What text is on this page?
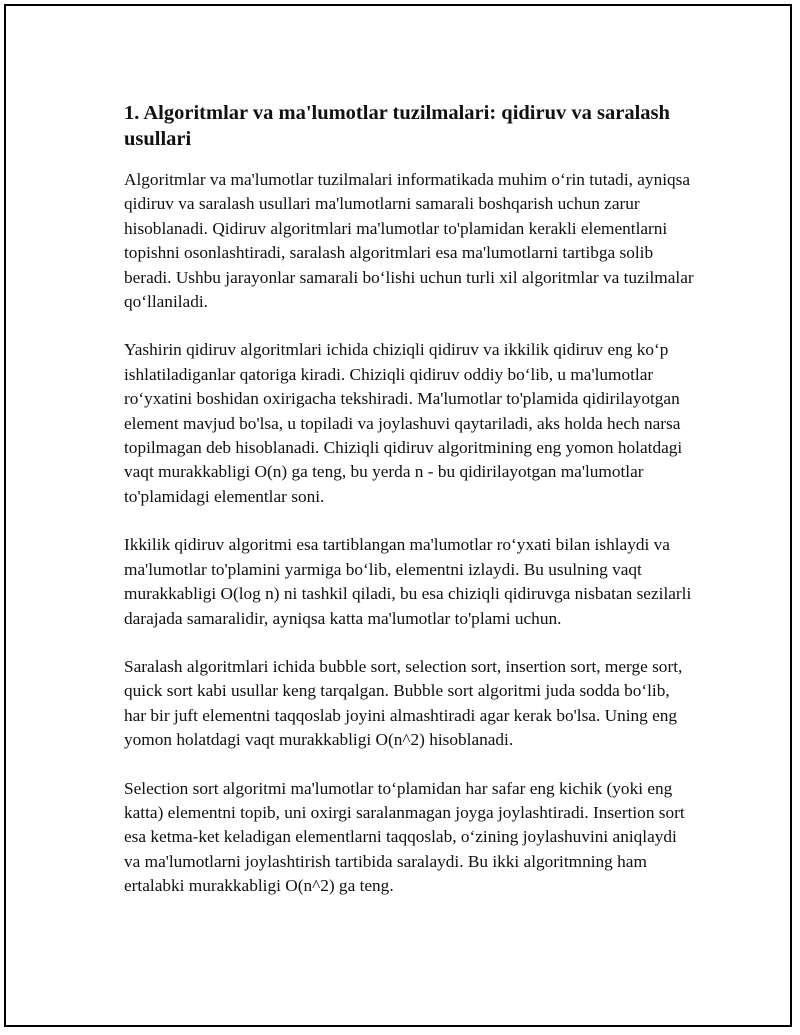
1. Algoritmlar va ma'lumotlar tuzilmalari: qidiruv va saralash usullari

Algoritmlar va ma'lumotlar tuzilmalari informatikada muhim o‘rin tutadi, ayniqsa qidiruv va saralash usullari ma'lumotlarni samarali boshqarish uchun zarur hisoblanadi. Qidiruv algoritmlari ma'lumotlar to'plamidan kerakli elementlarni topishni osonlashtiradi, saralash algoritmlari esa ma'lumotlarni tartibga solib beradi. Ushbu jarayonlar samarali bo‘lishi uchun turli xil algoritmlar va tuzilmalar qo‘llaniladi.

Yashirin qidiruv algoritmlari ichida chiziqli qidiruv va ikkilik qidiruv eng ko‘p ishlatiladiganlar qatoriga kiradi. Chiziqli qidiruv oddiy bo‘lib, u ma'lumotlar ro‘yxatini boshidan oxirigacha tekshiradi. Ma'lumotlar to'plamida qidirilayotgan element mavjud bo'lsa, u topiladi va joylashuvi qaytariladi, aks holda hech narsa topilmagan deb hisoblanadi. Chiziqli qidiruv algoritmining eng yomon holatdagi vaqt murakkabligi O(n) ga teng, bu yerda n - bu qidirilayotgan ma'lumotlar to'plamidagi elementlar soni.

Ikkilik qidiruv algoritmi esa tartiblangan ma'lumotlar ro‘yxati bilan ishlaydi va ma'lumotlar to'plamini yarmiga bo‘lib, elementni izlaydi. Bu usulning vaqt murakkabligi O(log n) ni tashkil qiladi, bu esa chiziqli qidiruvga nisbatan sezilarli darajada samaralidir, ayniqsa katta ma'lumotlar to'plami uchun.

Saralash algoritmlari ichida bubble sort, selection sort, insertion sort, merge sort, quick sort kabi usullar keng tarqalgan. Bubble sort algoritmi juda sodda bo‘lib, har bir juft elementni taqqoslab joyini almashtiradi agar kerak bo'lsa. Uning eng yomon holatdagi vaqt murakkabligi O(n^2) hisoblanadi.

Selection sort algoritmi ma'lumotlar to‘plamidan har safar eng kichik (yoki eng katta) elementni topib, uni oxirgi saralanmagan joyga joylashtiradi. Insertion sort esa ketma-ket keladigan elementlarni taqqoslab, o‘zining joylashuvini aniqlaydi va ma'lumotlarni joylashtirish tartibida saralaydi. Bu ikki algoritmning ham ertalabki murakkabligi O(n^2) ga teng.
